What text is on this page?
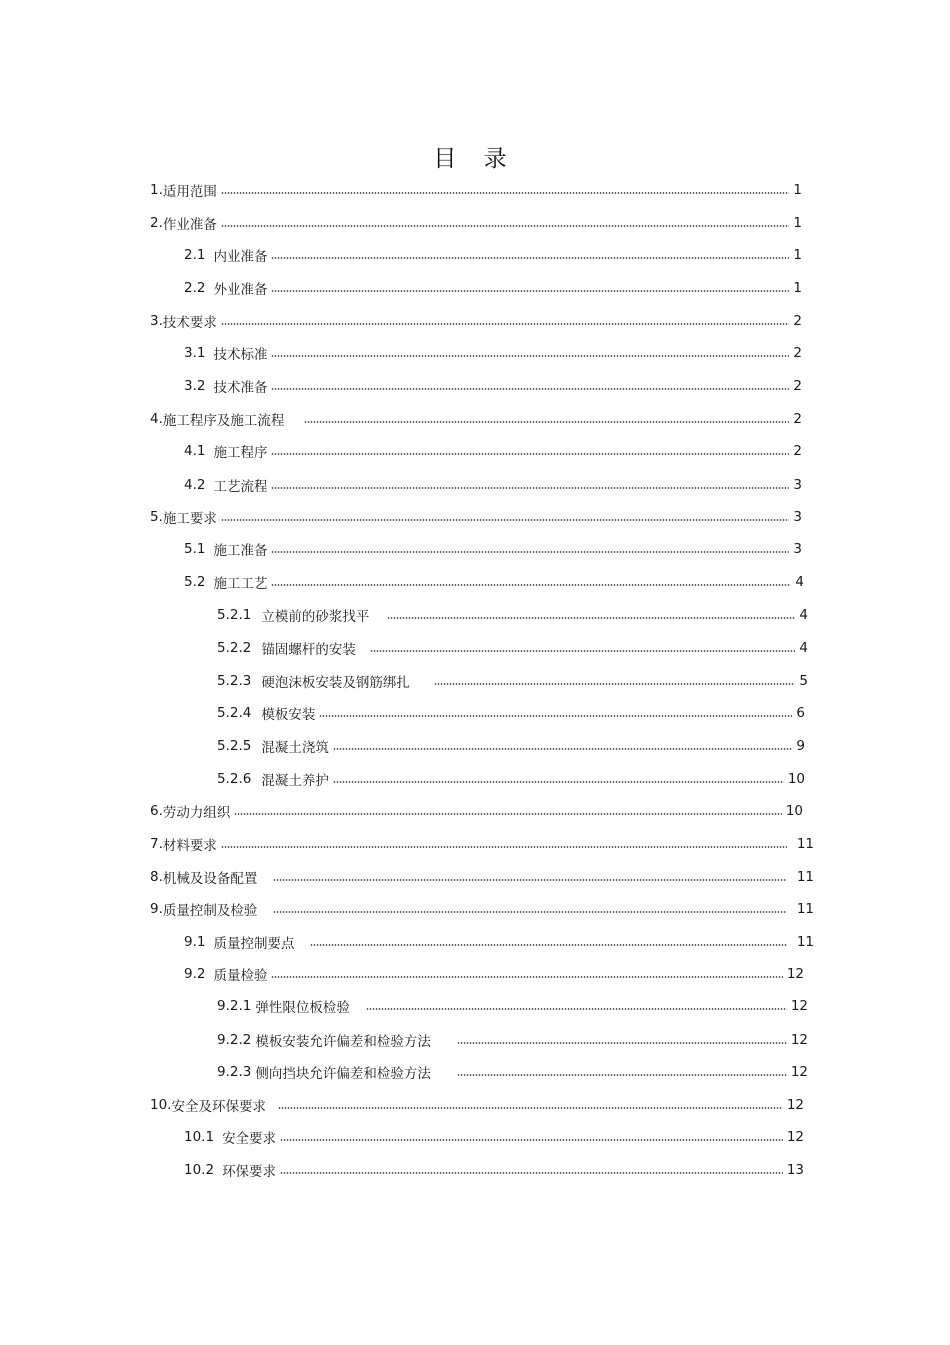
目 录
1. 适用范围	1
2. 作业准备	1
2.1 内业准备	1
2.2 外业准备	1
3. 技术要求	2
3.1 技术标准	2
3.2 技术准备	2
4. 施工程序及施工流程	2
4.1 施工程序	2
4.2 工艺流程	3
5. 施工要求	3
5.1 施工准备	3
5.2 施工工艺	4
5.2.1 立模前的砂浆找平	4
5.2.2 锚固螺杆的安装	4
5.2.3 硬泡沫板安装及钢筋绑扎	5
5.2.4 模板安装	6
5.2.5 混凝土浇筑	9
5.2.6 混凝土养护	10
6. 劳动力组织	10
7. 材料要求	11
8. 机械及设备配置	11
9. 质量控制及检验	11
9.1 质量控制要点	11
9.2 质量检验	12
9.2.1 弹性限位板检验	12
9.2.2 模板安装允许偏差和检验方法	12
9.2.3 侧向挡块允许偏差和检验方法	12
10. 安全及环保要求	12
10.1 安全要求	12
10.2 环保要求	13
